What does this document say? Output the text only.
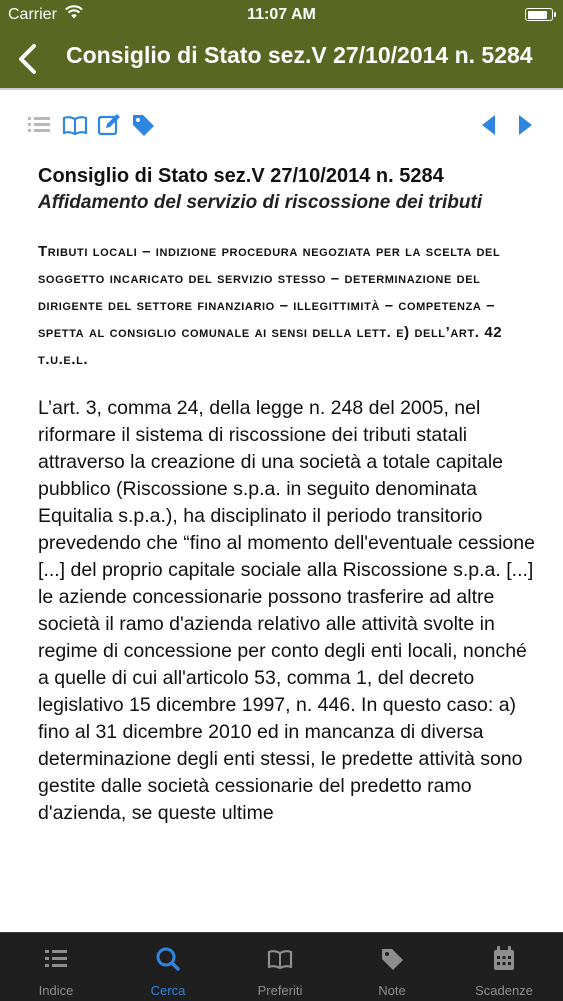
Carrier	11:07 AM
Consiglio di Stato sez.V 27/10/2014 n. 5284
Consiglio di Stato sez.V 27/10/2014 n. 5284
Affidamento del servizio di riscossione dei tributi

Tributi locali – indizione procedura negoziata per la scelta del soggetto incaricato del servizio stesso – determinazione del dirigente del settore finanziario – illegittimità – competenza – spetta al consiglio comunale ai sensi della lett. e) dell’art. 42 t.u.e.l.

L’art. 3, comma 24, della legge n. 248 del 2005, nel riformare il sistema di riscossione dei tributi statali attraverso la creazione di una società a totale capitale pubblico (Riscossione s.p.a. in seguito denominata Equitalia s.p.a.), ha disciplinato il periodo transitorio prevedendo che “fino al momento dell'eventuale cessione [...] del proprio capitale sociale alla Riscossione s.p.a. [...] le aziende concessionarie possono trasferire ad altre società il ramo d'azienda relativo alle attività svolte in regime di concessione per conto degli enti locali, nonché a quelle di cui all'articolo 53, comma 1, del decreto legislativo 15 dicembre 1997, n. 446. In questo caso: a) fino al 31 dicembre 2010 ed in mancanza di diversa determinazione degli enti stessi, le predette attività sono gestite dalle società cessionarie del predetto ramo d'azienda, se queste ultime

Indice	Cerca	Preferiti	Note	Scadenze
